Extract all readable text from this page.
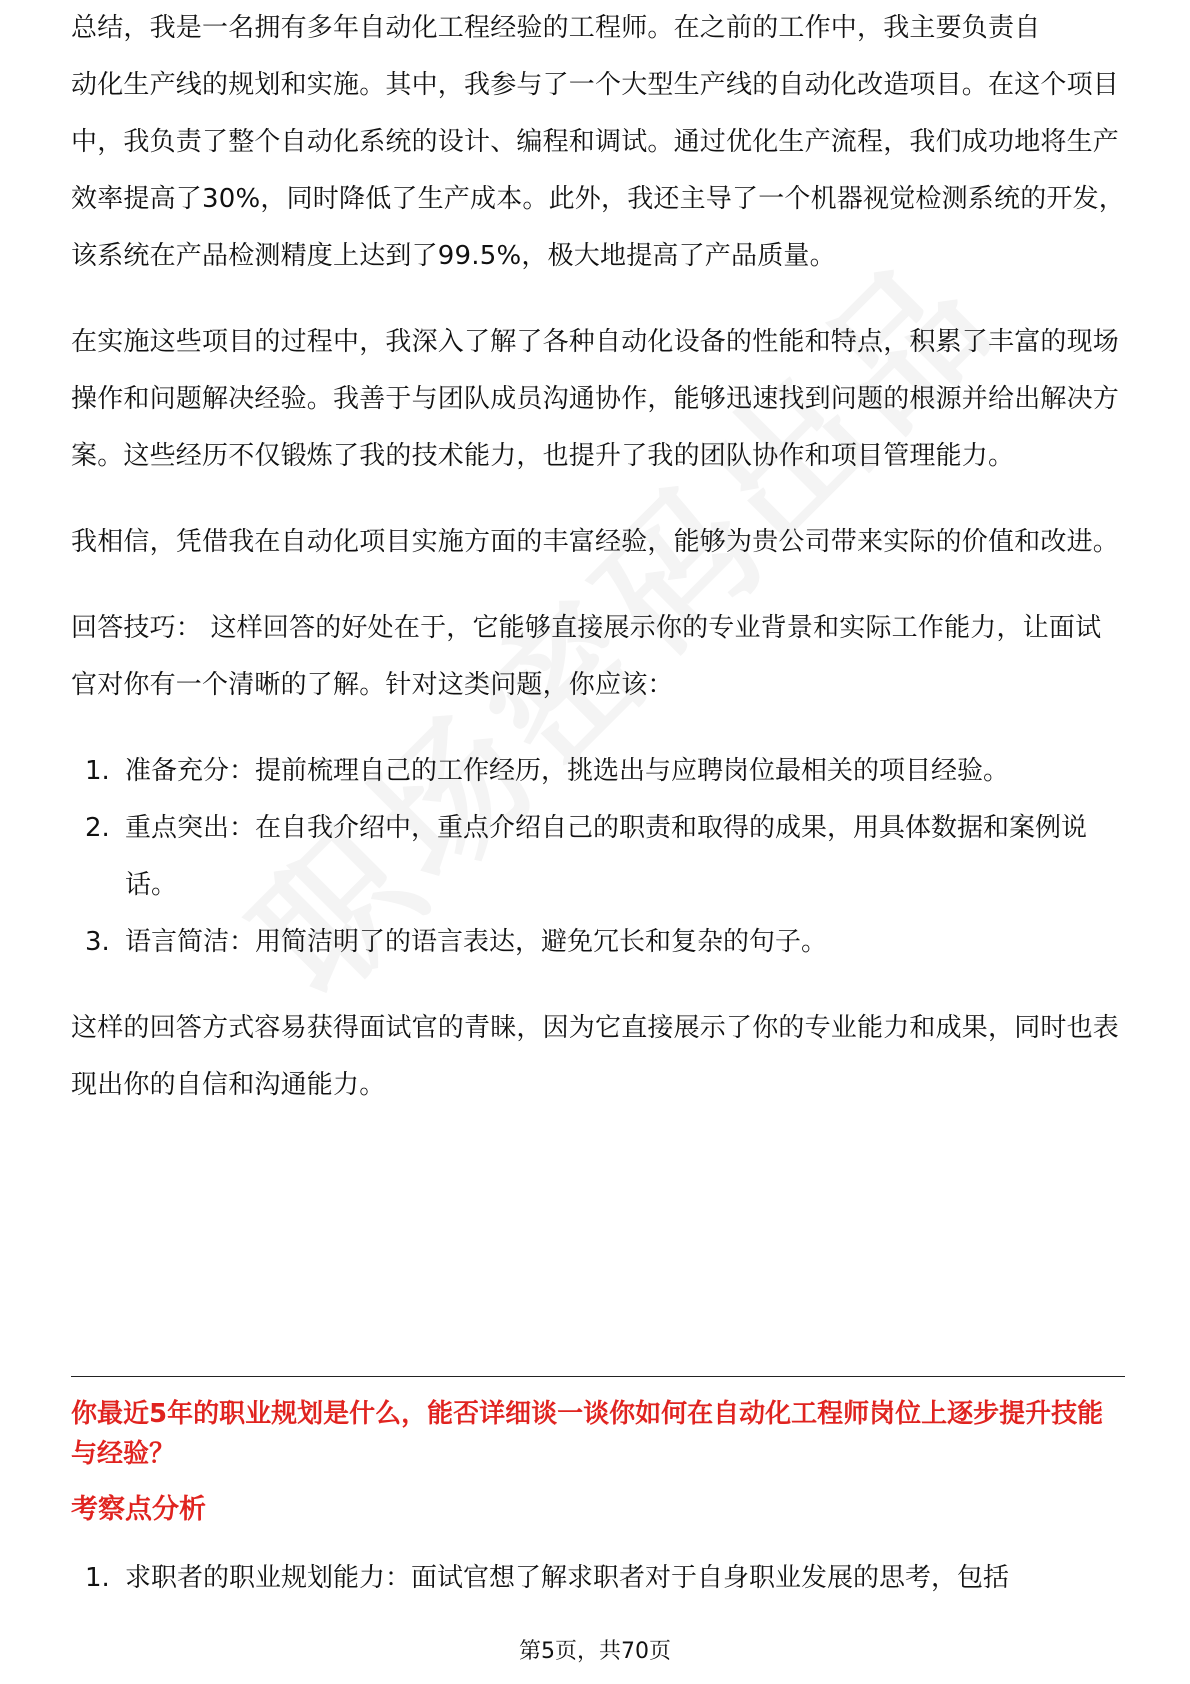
总结，我是一名拥有多年自动化工程经验的工程师。在之前的工作中，我主要负责自

动化生产线的规划和实施。其中，我参与了一个大型生产线的自动化改造项目。在这个项目中，我负责了整个自动化系统的设计、编程和调试。通过优化生产流程，我们成功地将生产效率提高了30%，同时降低了生产成本。此外，我还主导了一个机器视觉检测系统的开发，该系统在产品检测精度上达到了99.5%，极大地提高了产品质量。

在实施这些项目的过程中，我深入了解了各种自动化设备的性能和特点，积累了丰富的现场操作和问题解决经验。我善于与团队成员沟通协作，能够迅速找到问题的根源并给出解决方案。这些经历不仅锻炼了我的技术能力，也提升了我的团队协作和项目管理能力。

我相信，凭借我在自动化项目实施方面的丰富经验，能够为贵公司带来实际的价值和改进。

回答技巧： 这样回答的好处在于，它能够直接展示你的专业背景和实际工作能力，让面试官对你有一个清晰的了解。针对这类问题，你应该：

1. 准备充分：提前梳理自己的工作经历，挑选出与应聘岗位最相关的项目经验。
2. 重点突出：在自我介绍中，重点介绍自己的职责和取得的成果，用具体数据和案例说话。
3. 语言简洁：用简洁明了的语言表达，避免冗长和复杂的句子。

这样的回答方式容易获得面试官的青睐，因为它直接展示了你的专业能力和成果，同时也表现出你的自信和沟通能力。

你最近5年的职业规划是什么，能否详细谈一谈你如何在自动化工程师岗位上逐步提升技能与经验？

考察点分析

1. 求职者的职业规划能力：面试官想了解求职者对于自身职业发展的思考，包括
第5页，共70页
